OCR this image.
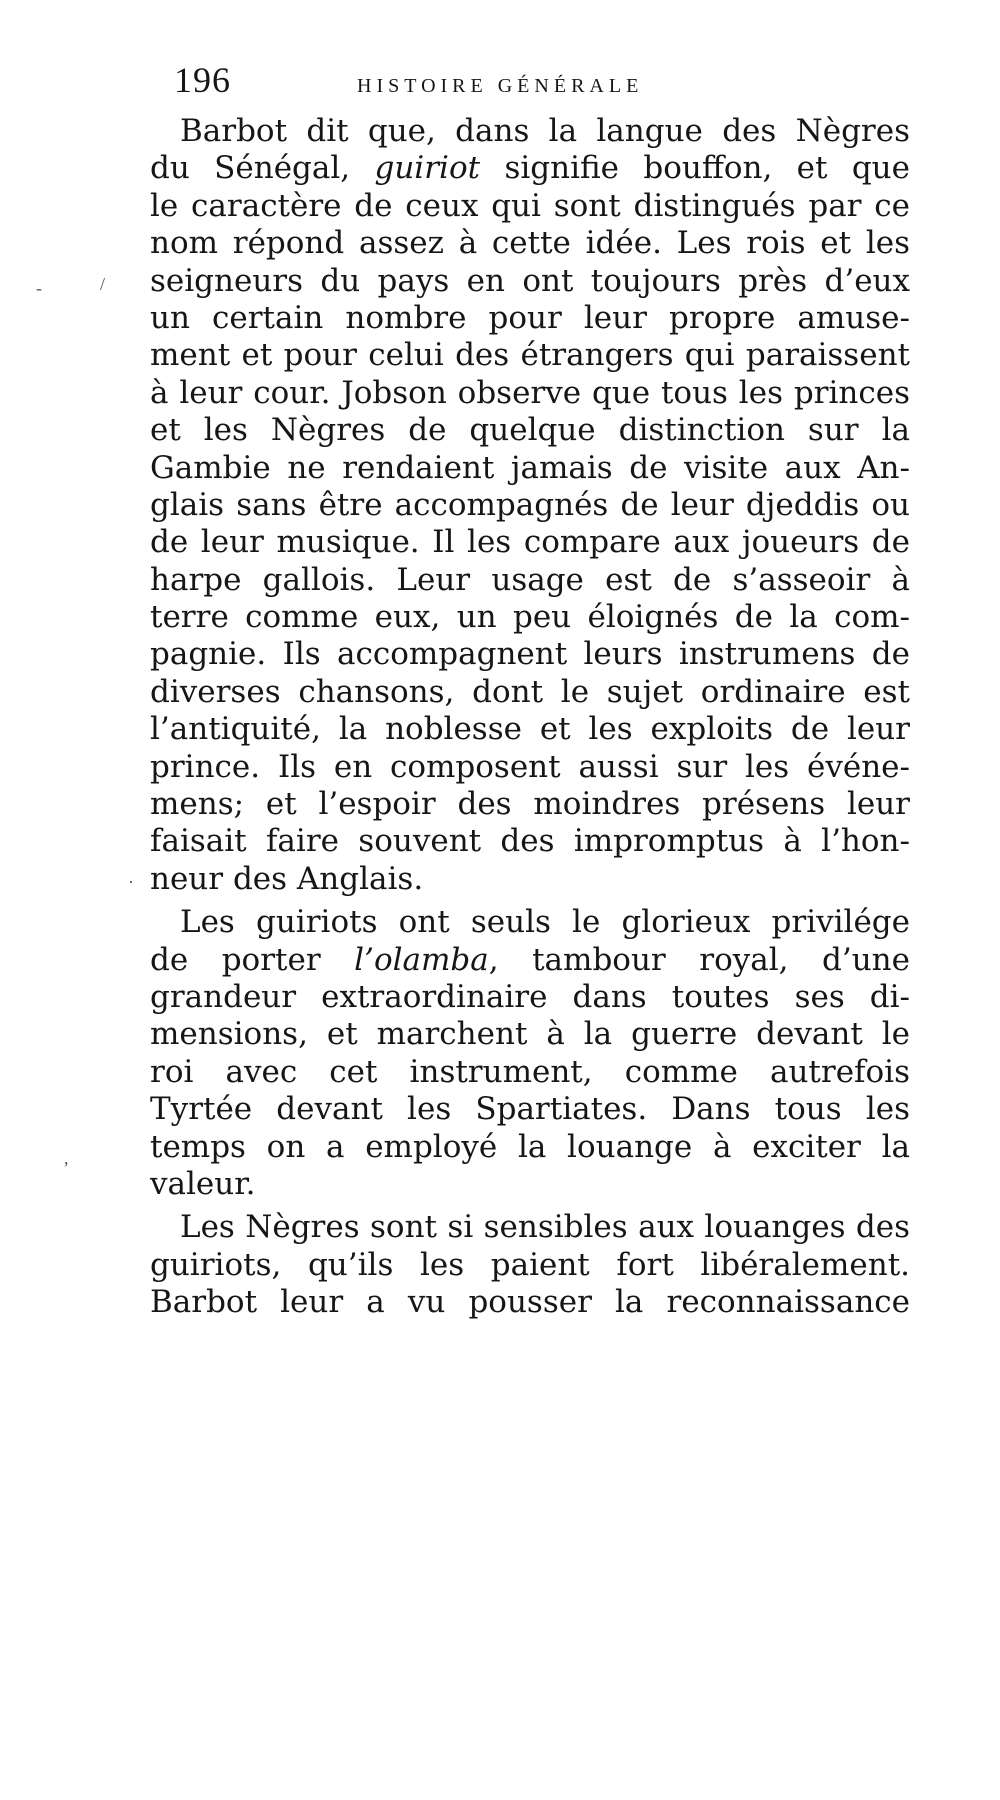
196	HISTOIRE GÉNÉRALE
Barbot dit que, dans la langue des Nègres
du Sénégal, guiriot signifie bouffon, et que
le caractère de ceux qui sont distingués par ce
nom répond assez à cette idée. Les rois et les
seigneurs du pays en ont toujours près d’eux
un certain nombre pour leur propre amuse-
ment et pour celui des étrangers qui paraissent
à leur cour. Jobson observe que tous les princes
et les Nègres de quelque distinction sur la
Gambie ne rendaient jamais de visite aux An-
glais sans être accompagnés de leur djeddis ou
de leur musique. Il les compare aux joueurs de
harpe gallois. Leur usage est de s’asseoir à
terre comme eux, un peu éloignés de la com-
pagnie. Ils accompagnent leurs instrumens de
diverses chansons, dont le sujet ordinaire est
l’antiquité, la noblesse et les exploits de leur
prince. Ils en composent aussi sur les événe-
mens; et l’espoir des moindres présens leur
faisait faire souvent des impromptus à l’hon-
neur des Anglais.
Les guiriots ont seuls le glorieux privilége
de porter l’olamba, tambour royal, d’une
grandeur extraordinaire dans toutes ses di-
mensions, et marchent à la guerre devant le
roi avec cet instrument, comme autrefois
Tyrtée devant les Spartiates. Dans tous les
temps on a employé la louange à exciter la
valeur.
Les Nègres sont si sensibles aux louanges des
guiriots, qu’ils les paient fort libéralement.
Barbot leur a vu pousser la reconnaissance
-	/
,
·
